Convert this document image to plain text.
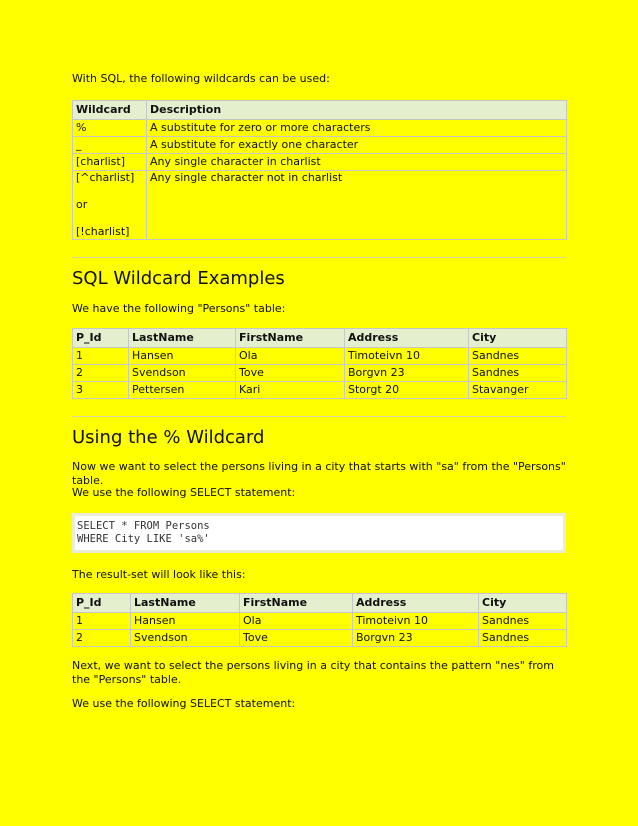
With SQL, the following wildcards can be used:

Wildcard	Description
%	A substitute for zero or more characters
_	A substitute for exactly one character
[charlist]	Any single character in charlist

[^charlist]
or
[!charlist]	Any single character not in charlist
SQL Wildcard Examples

We have the following "Persons" table:

P_Id	LastName	FirstName	Address	City
1	Hansen	Ola	Timoteivn 10	Sandnes
2	Svendson	Tove	Borgvn 23	Sandnes
3	Pettersen	Kari	Storgt 20	Stavanger
Using the % Wildcard

Now we want to select the persons living in a city that starts with "sa" from the "Persons" table.

We use the following SELECT statement:

SELECT * FROM Persons
WHERE City LIKE 'sa%'

The result-set will look like this:

P_Id	LastName	FirstName	Address	City
1	Hansen	Ola	Timoteivn 10	Sandnes
2	Svendson	Tove	Borgvn 23	Sandnes

Next, we want to select the persons living in a city that contains the pattern "nes" from the "Persons" table.

We use the following SELECT statement:
